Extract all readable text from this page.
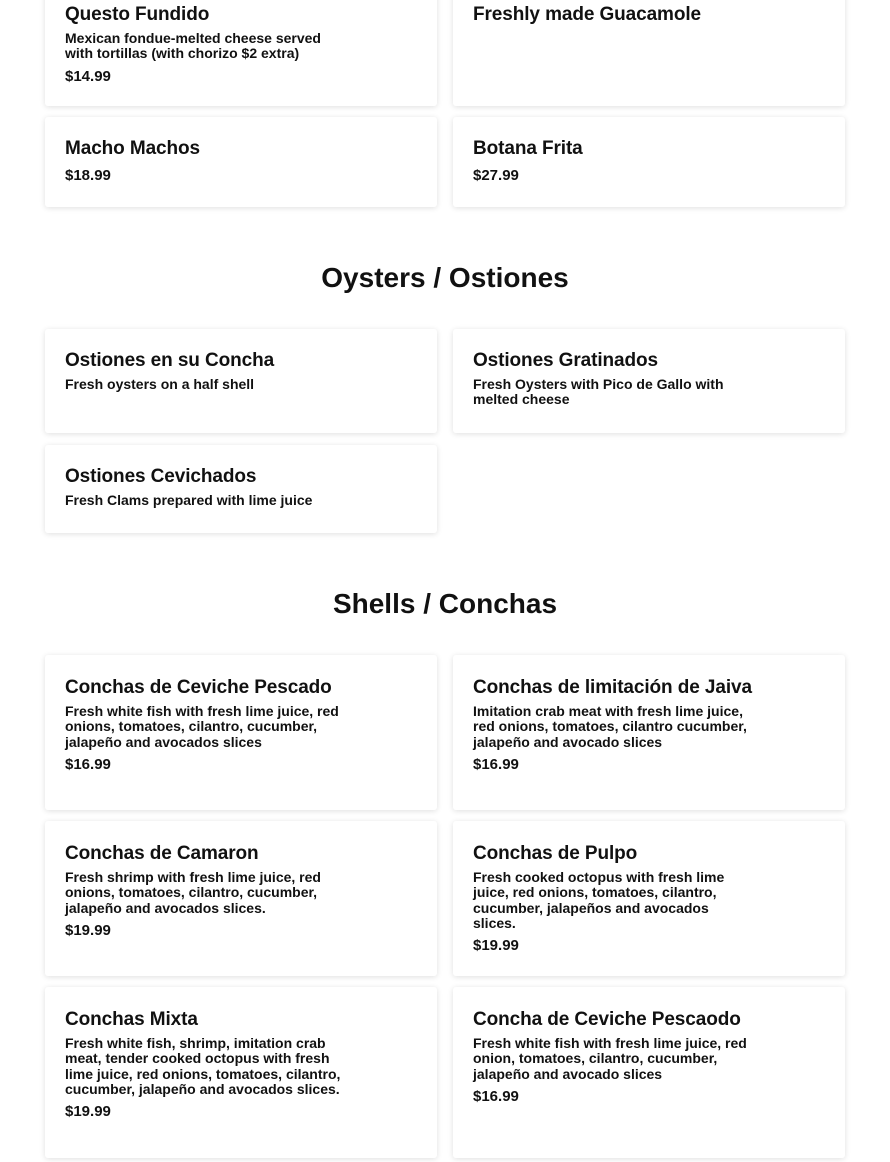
Questo Fundido
Mexican fondue-melted cheese served with tortillas (with chorizo $2 extra)
$14.99
Freshly made Guacamole
Macho Machos
$18.99
Botana Frita
$27.99
Oysters / Ostiones
Ostiones en su Concha
Fresh oysters on a half shell
Ostiones Gratinados
Fresh Oysters with Pico de Gallo with melted cheese
Ostiones Cevichados
Fresh Clams prepared with lime juice
Shells / Conchas
Conchas de Ceviche Pescado
Fresh white fish with fresh lime juice, red onions, tomatoes, cilantro, cucumber, jalapeño and avocados slices
$16.99
Conchas de limitación de Jaiva
Imitation crab meat with fresh lime juice, red onions, tomatoes, cilantro cucumber, jalapeño and avocado slices
$16.99
Conchas de Camaron
Fresh shrimp with fresh lime juice, red onions, tomatoes, cilantro, cucumber, jalapeño and avocados slices.
$19.99
Conchas de Pulpo
Fresh cooked octopus with fresh lime juice, red onions, tomatoes, cilantro, cucumber, jalapeños and avocados slices.
$19.99
Conchas Mixta
Fresh white fish, shrimp, imitation crab meat, tender cooked octopus with fresh lime juice, red onions, tomatoes, cilantro, cucumber, jalapeño and avocados slices.
$19.99
Concha de Ceviche Pescaodo
Fresh white fish with fresh lime juice, red onion, tomatoes, cilantro, cucumber, jalapeño and avocado slices
$16.99
